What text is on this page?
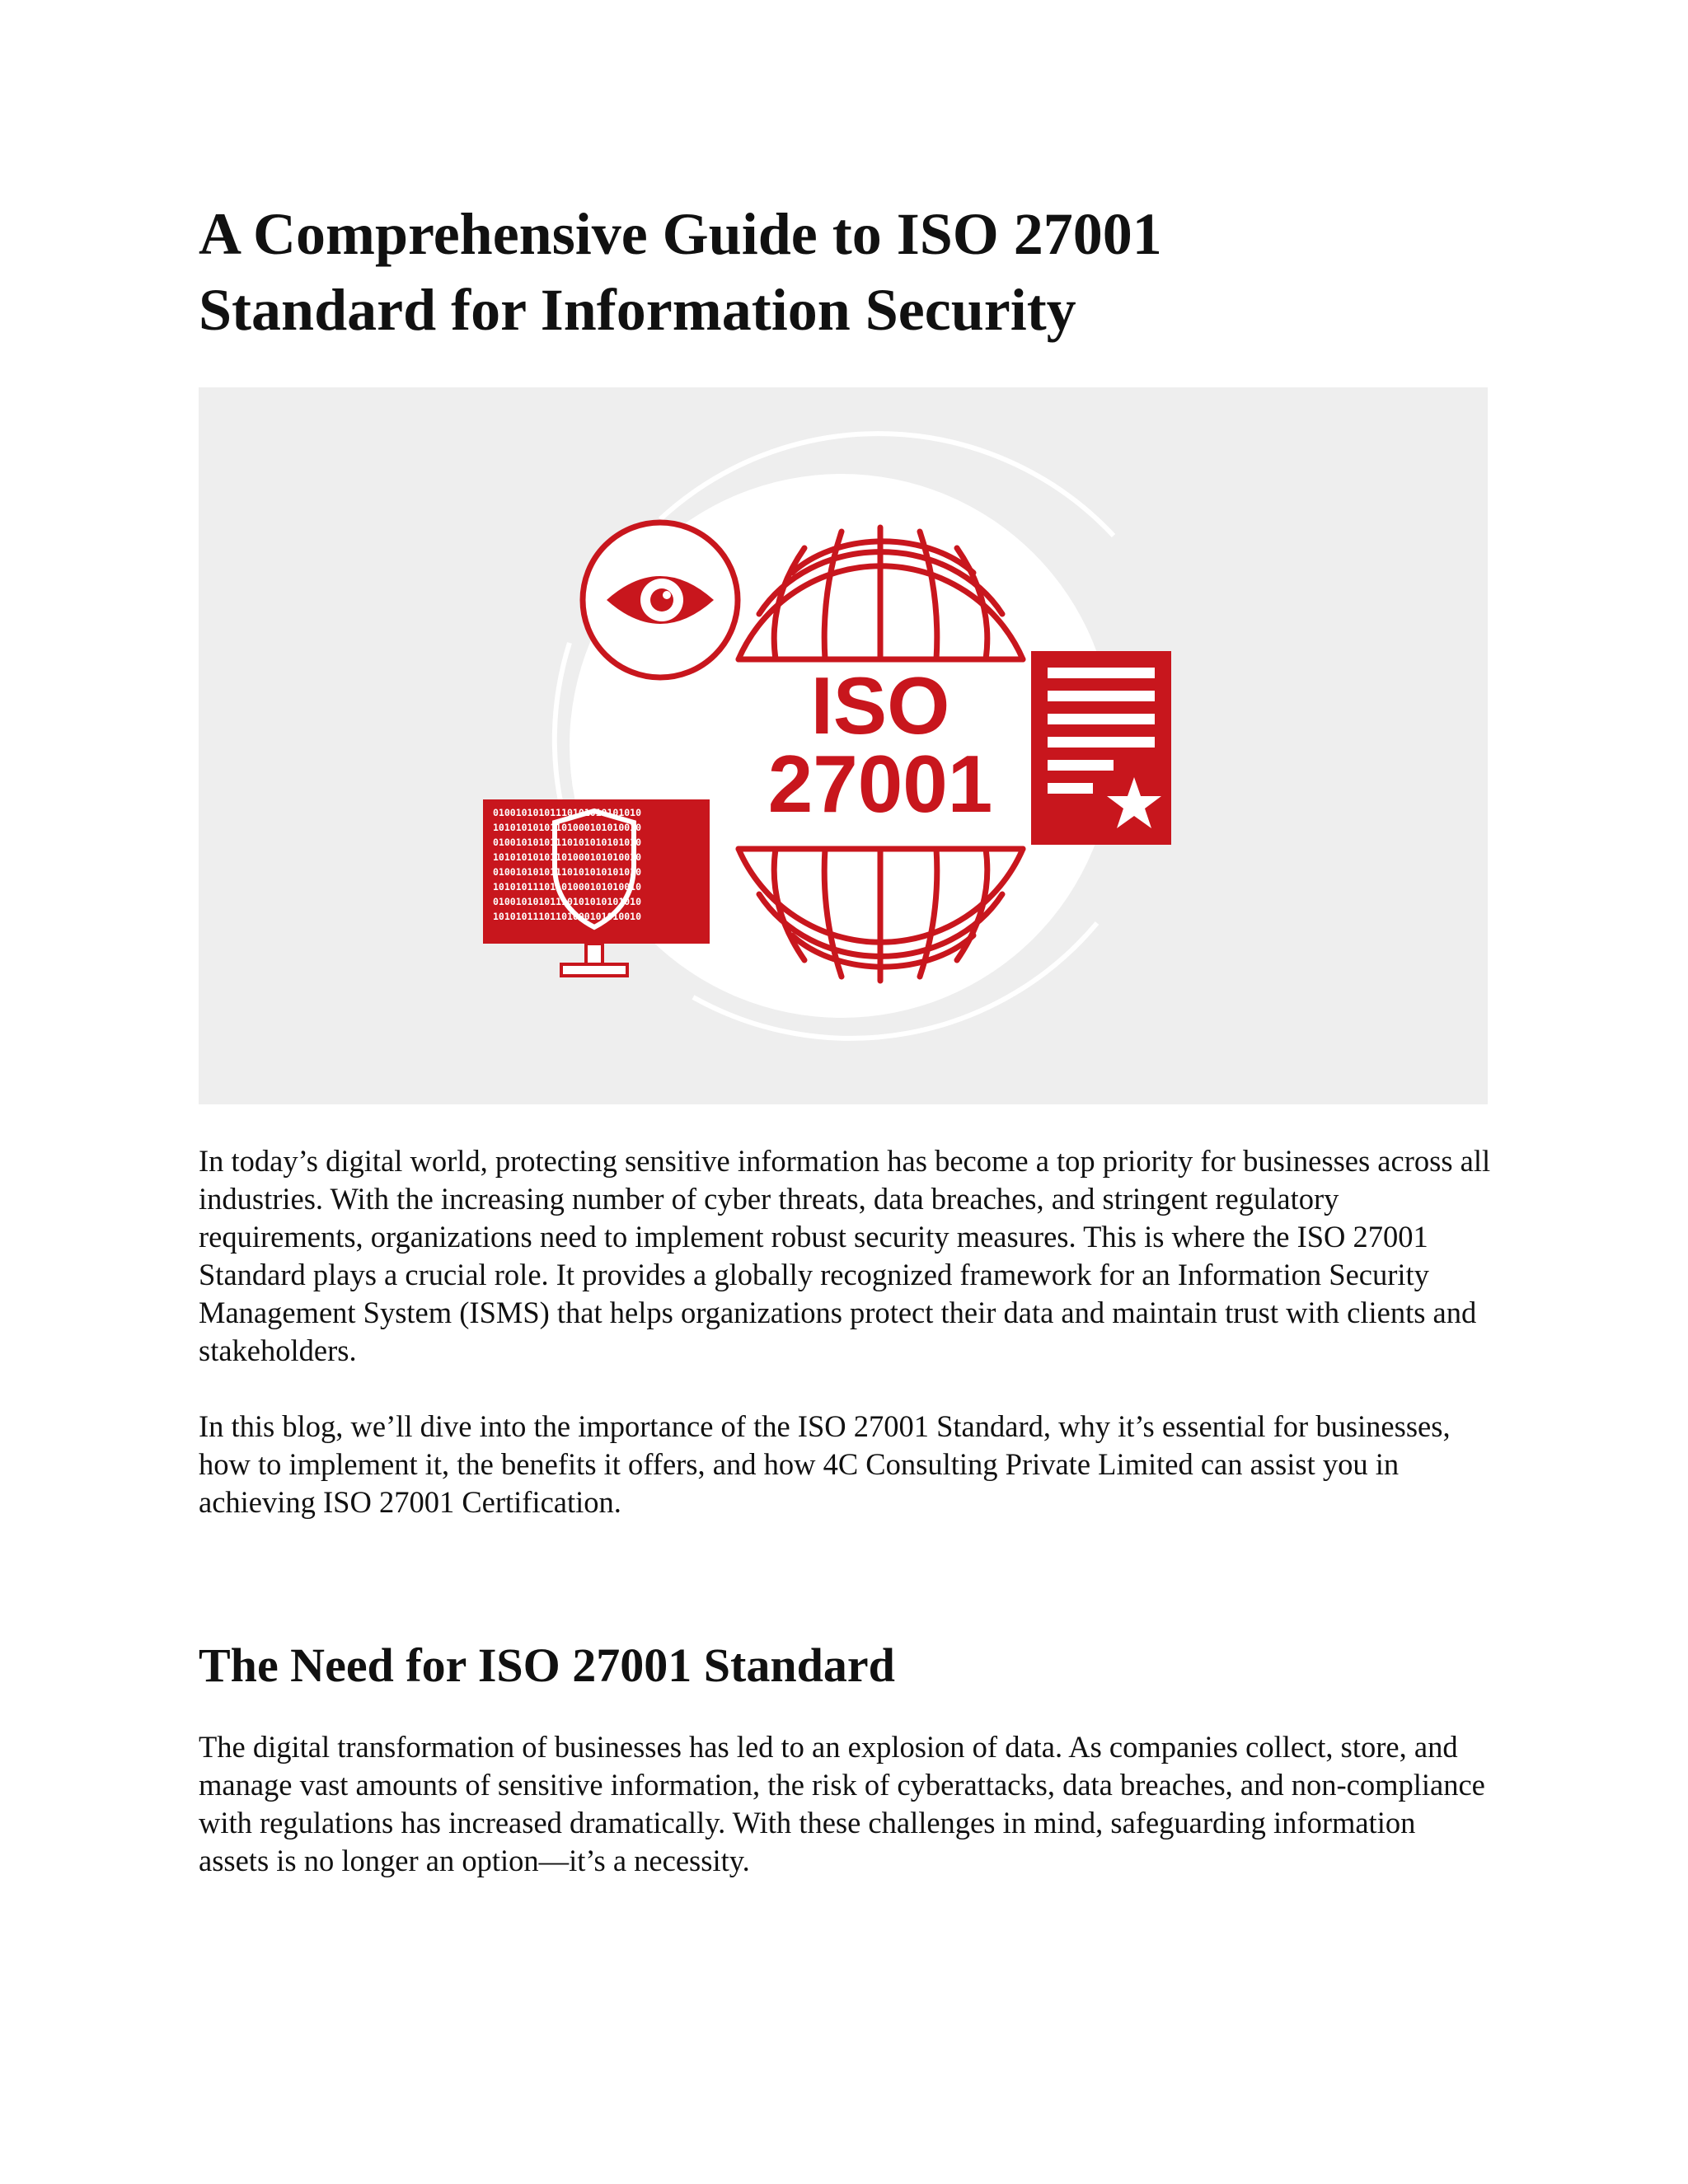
A Comprehensive Guide to ISO 27001
Standard for Information Security
ISO
27001
01001010101110101010101010
10101010101101000101010010
01001010101110101010101010
10101010101101000101010010
01001010101110101010101010
10101011101101000101010010
01001010101110101010101010
10101011101101000101010010

In today’s digital world, protecting sensitive information has become a top priority for businesses across all industries. With the increasing number of cyber threats, data breaches, and stringent regulatory requirements, organizations need to implement robust security measures. This is where the ISO 27001 Standard plays a crucial role. It provides a globally recognized framework for an Information Security Management System (ISMS) that helps organizations protect their data and maintain trust with clients and stakeholders.

In this blog, we’ll dive into the importance of the ISO 27001 Standard, why it’s essential for businesses, how to implement it, the benefits it offers, and how 4C Consulting Private Limited can assist you in achieving ISO 27001 Certification.

The Need for ISO 27001 Standard

The digital transformation of businesses has led to an explosion of data. As companies collect, store, and manage vast amounts of sensitive information, the risk of cyberattacks, data breaches, and non-compliance with regulations has increased dramatically. With these challenges in mind, safeguarding information assets is no longer an option—it’s a necessity.
